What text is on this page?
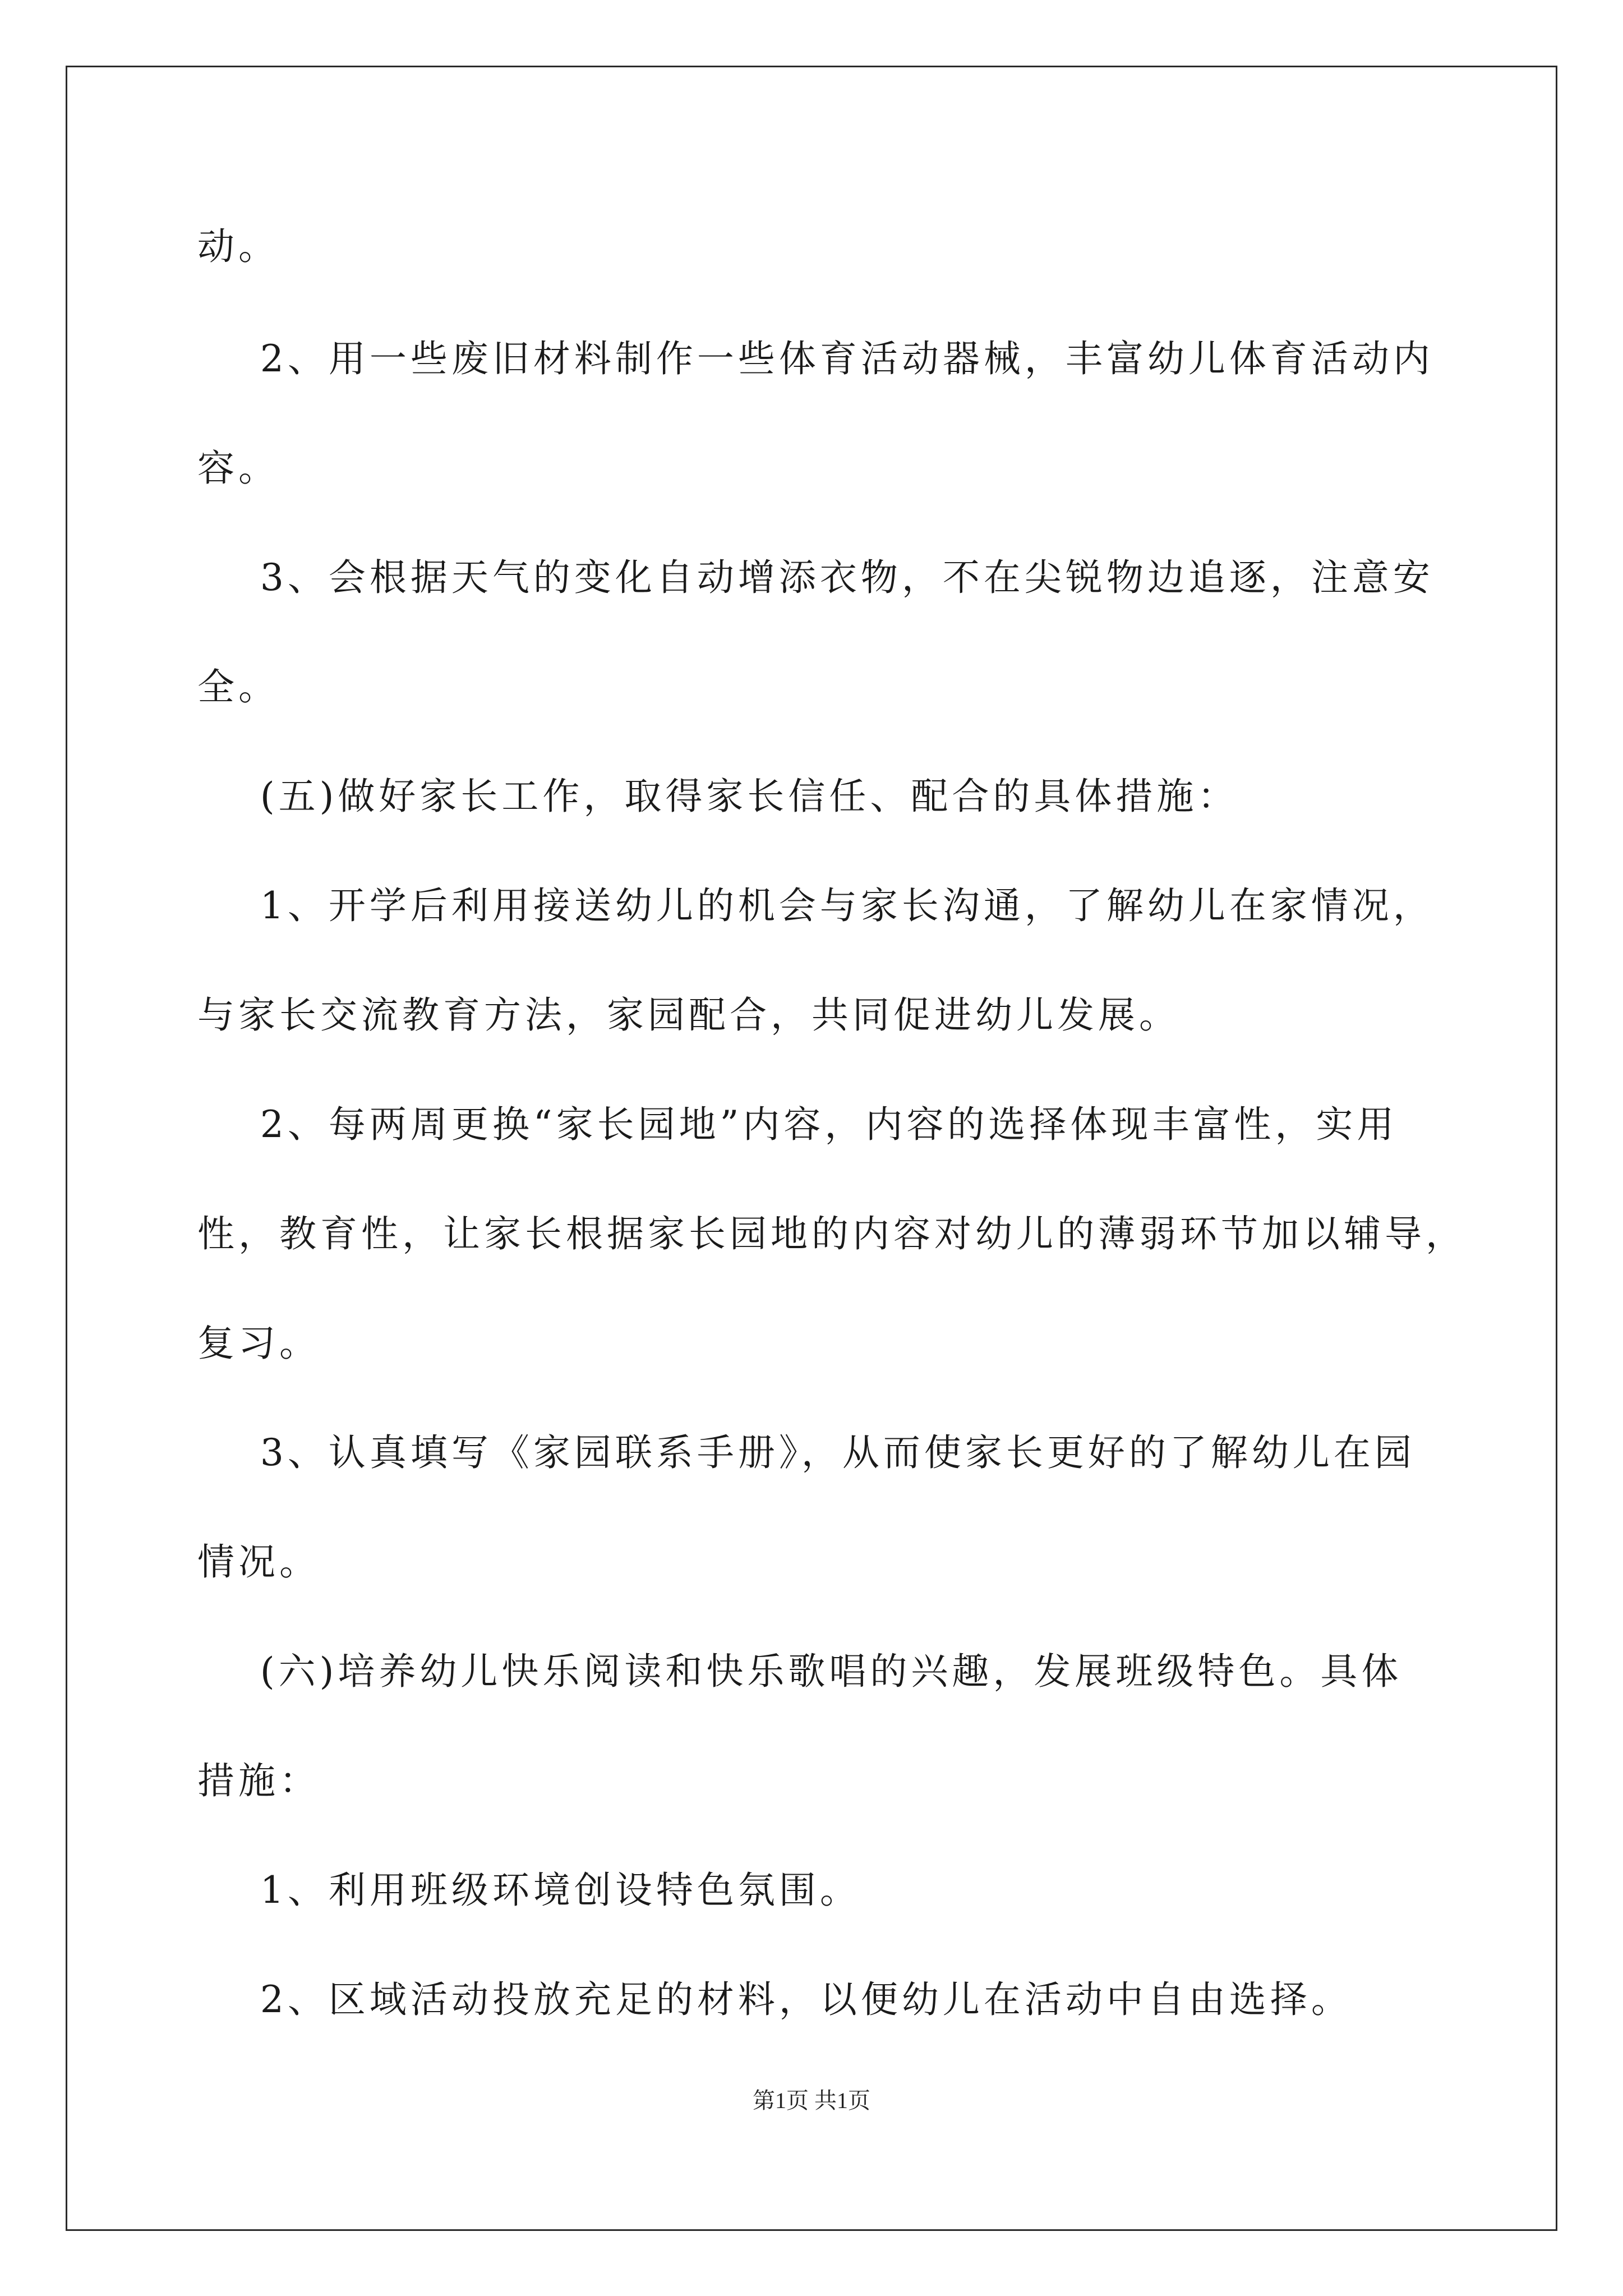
动。
2、用一些废旧材料制作一些体育活动器械，丰富幼儿体育活动内
容。
3、会根据天气的变化自动增添衣物，不在尖锐物边追逐，注意安
全。
(五)做好家长工作，取得家长信任、配合的具体措施：
1、开学后利用接送幼儿的机会与家长沟通，了解幼儿在家情况，
与家长交流教育方法，家园配合，共同促进幼儿发展。
2、每两周更换“家长园地”内容，内容的选择体现丰富性，实用
性，教育性，让家长根据家长园地的内容对幼儿的薄弱环节加以辅导，
复习。
3、认真填写《家园联系手册》，从而使家长更好的了解幼儿在园
情况。
(六)培养幼儿快乐阅读和快乐歌唱的兴趣，发展班级特色。具体
措施：
1、利用班级环境创设特色氛围。
2、区域活动投放充足的材料，以便幼儿在活动中自由选择。
第1页 共1页
